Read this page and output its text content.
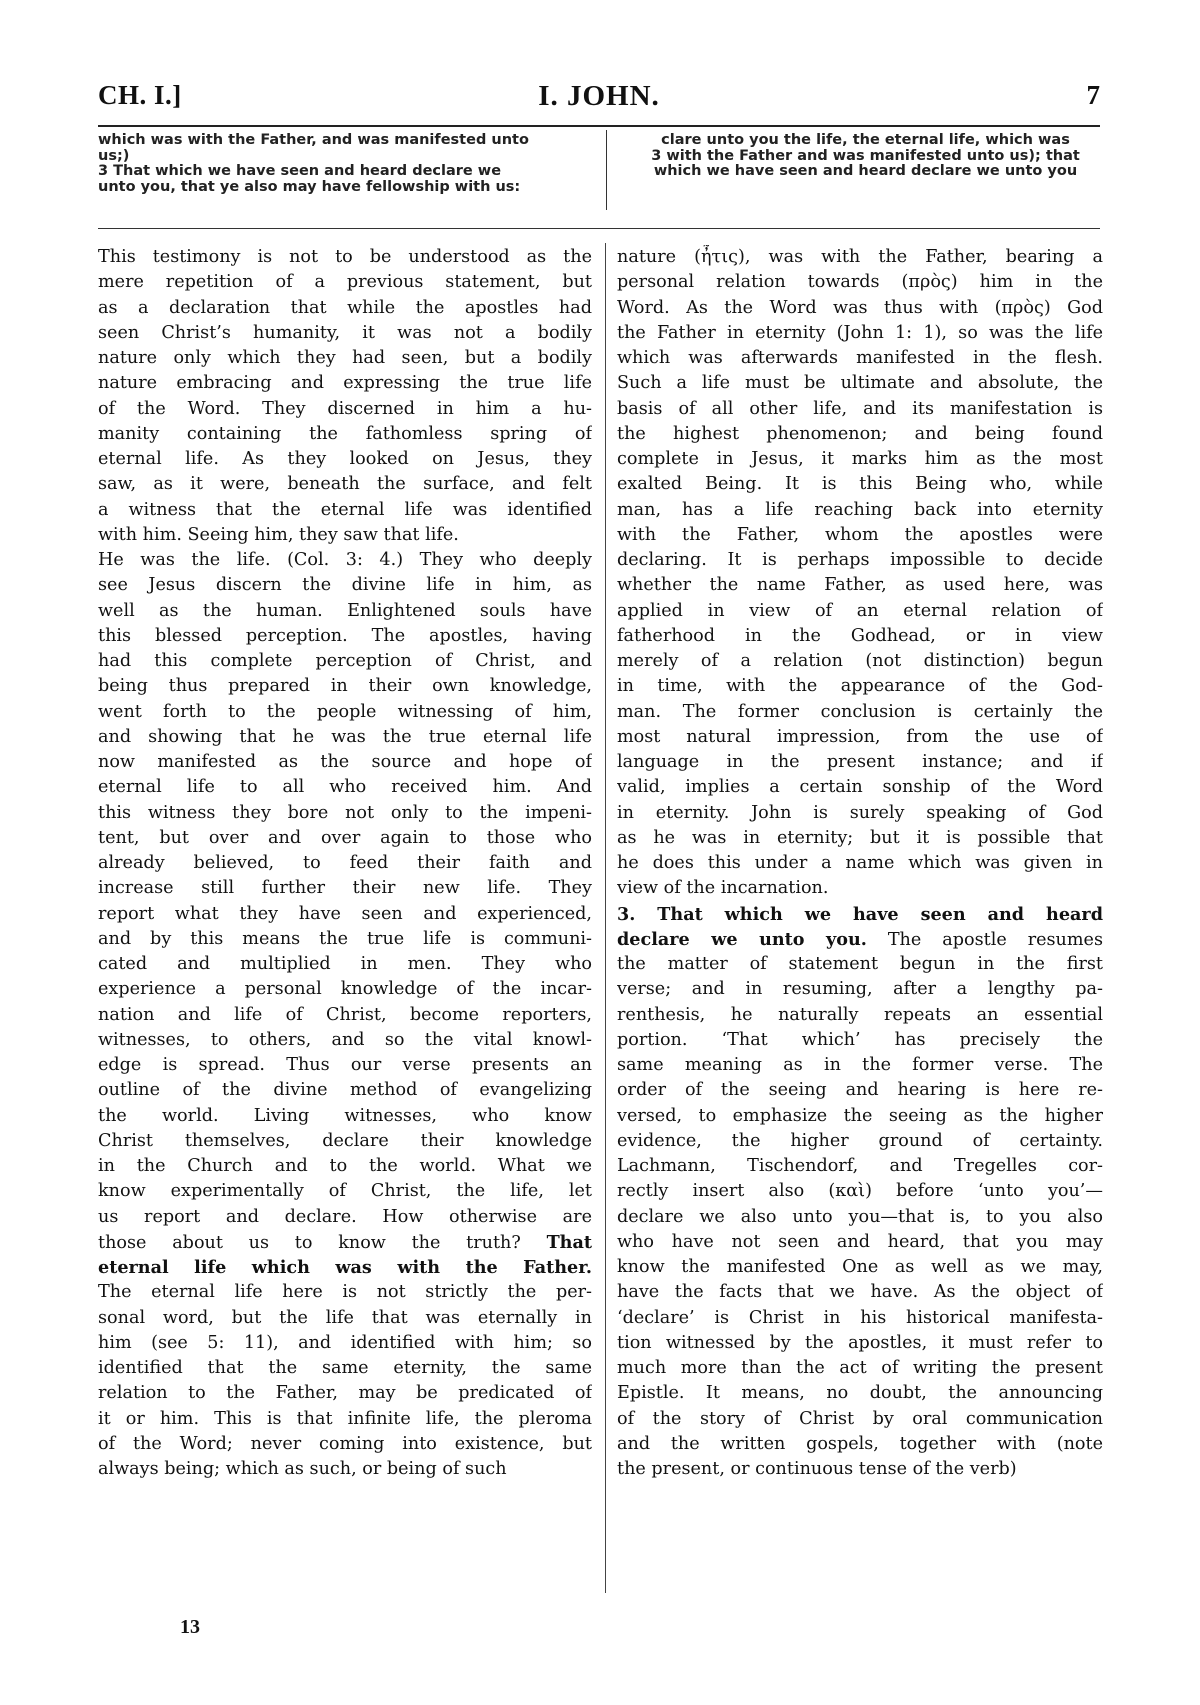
CH. I.]	I. JOHN.	7
which was with the Father, and was manifested unto
us;)
3 That which we have seen and heard declare we
unto you, that ye also may have fellowship with us:
clare unto you the life, the eternal life, which was
3 with the Father and was manifested unto us); that
which we have seen and heard declare we unto you
This testimony is not to be understood as the
mere repetition of a previous statement, but
as a declaration that while the apostles had
seen Christ’s humanity, it was not a bodily
nature only which they had seen, but a bodily
nature embracing and expressing the true life
of the Word. They discerned in him a hu-
manity containing the fathomless spring of
eternal life. As they looked on Jesus, they
saw, as it were, beneath the surface, and felt
a witness that the eternal life was identified
with him. Seeing him, they saw that life.
He was the life. (Col. 3: 4.) They who deeply
see Jesus discern the divine life in him, as
well as the human. Enlightened souls have
this blessed perception. The apostles, having
had this complete perception of Christ, and
being thus prepared in their own knowledge,
went forth to the people witnessing of him,
and showing that he was the true eternal life
now manifested as the source and hope of
eternal life to all who received him. And
this witness they bore not only to the impeni-
tent, but over and over again to those who
already believed, to feed their faith and
increase still further their new life. They
report what they have seen and experienced,
and by this means the true life is communi-
cated and multiplied in men. They who
experience a personal knowledge of the incar-
nation and life of Christ, become reporters,
witnesses, to others, and so the vital knowl-
edge is spread. Thus our verse presents an
outline of the divine method of evangelizing
the world. Living witnesses, who know
Christ themselves, declare their knowledge
in the Church and to the world. What we
know experimentally of Christ, the life, let
us report and declare. How otherwise are
those about us to know the truth? That
eternal life which was with the Father.
The eternal life here is not strictly the per-
sonal word, but the life that was eternally in
him (see 5: 11), and identified with him; so
identified that the same eternity, the same
relation to the Father, may be predicated of
it or him. This is that infinite life, the pleroma
of the Word; never coming into existence, but
always being; which as such, or being of such
nature (ἦτις), was with the Father, bearing a
personal relation towards (πρὸς) him in the
Word. As the Word was thus with (πρὸς) God
the Father in eternity (John 1: 1), so was the life
which was afterwards manifested in the flesh.
Such a life must be ultimate and absolute, the
basis of all other life, and its manifestation is
the highest phenomenon; and being found
complete in Jesus, it marks him as the most
exalted Being. It is this Being who, while
man, has a life reaching back into eternity
with the Father, whom the apostles were
declaring. It is perhaps impossible to decide
whether the name Father, as used here, was
applied in view of an eternal relation of
fatherhood in the Godhead, or in view
merely of a relation (not distinction) begun
in time, with the appearance of the God-
man. The former conclusion is certainly the
most natural impression, from the use of
language in the present instance; and if
valid, implies a certain sonship of the Word
in eternity. John is surely speaking of God
as he was in eternity; but it is possible that
he does this under a name which was given in
view of the incarnation.
3. That which we have seen and heard
declare we unto you. The apostle resumes
the matter of statement begun in the first
verse; and in resuming, after a lengthy pa-
renthesis, he naturally repeats an essential
portion. ‘That which’ has precisely the
same meaning as in the former verse. The
order of the seeing and hearing is here re-
versed, to emphasize the seeing as the higher
evidence, the higher ground of certainty.
Lachmann, Tischendorf, and Tregelles cor-
rectly insert also (καὶ) before ‘unto you’—
declare we also unto you—that is, to you also
who have not seen and heard, that you may
know the manifested One as well as we may,
have the facts that we have. As the object of
‘declare’ is Christ in his historical manifesta-
tion witnessed by the apostles, it must refer to
much more than the act of writing the present
Epistle. It means, no doubt, the announcing
of the story of Christ by oral communication
and the written gospels, together with (note
the present, or continuous tense of the verb)
13
